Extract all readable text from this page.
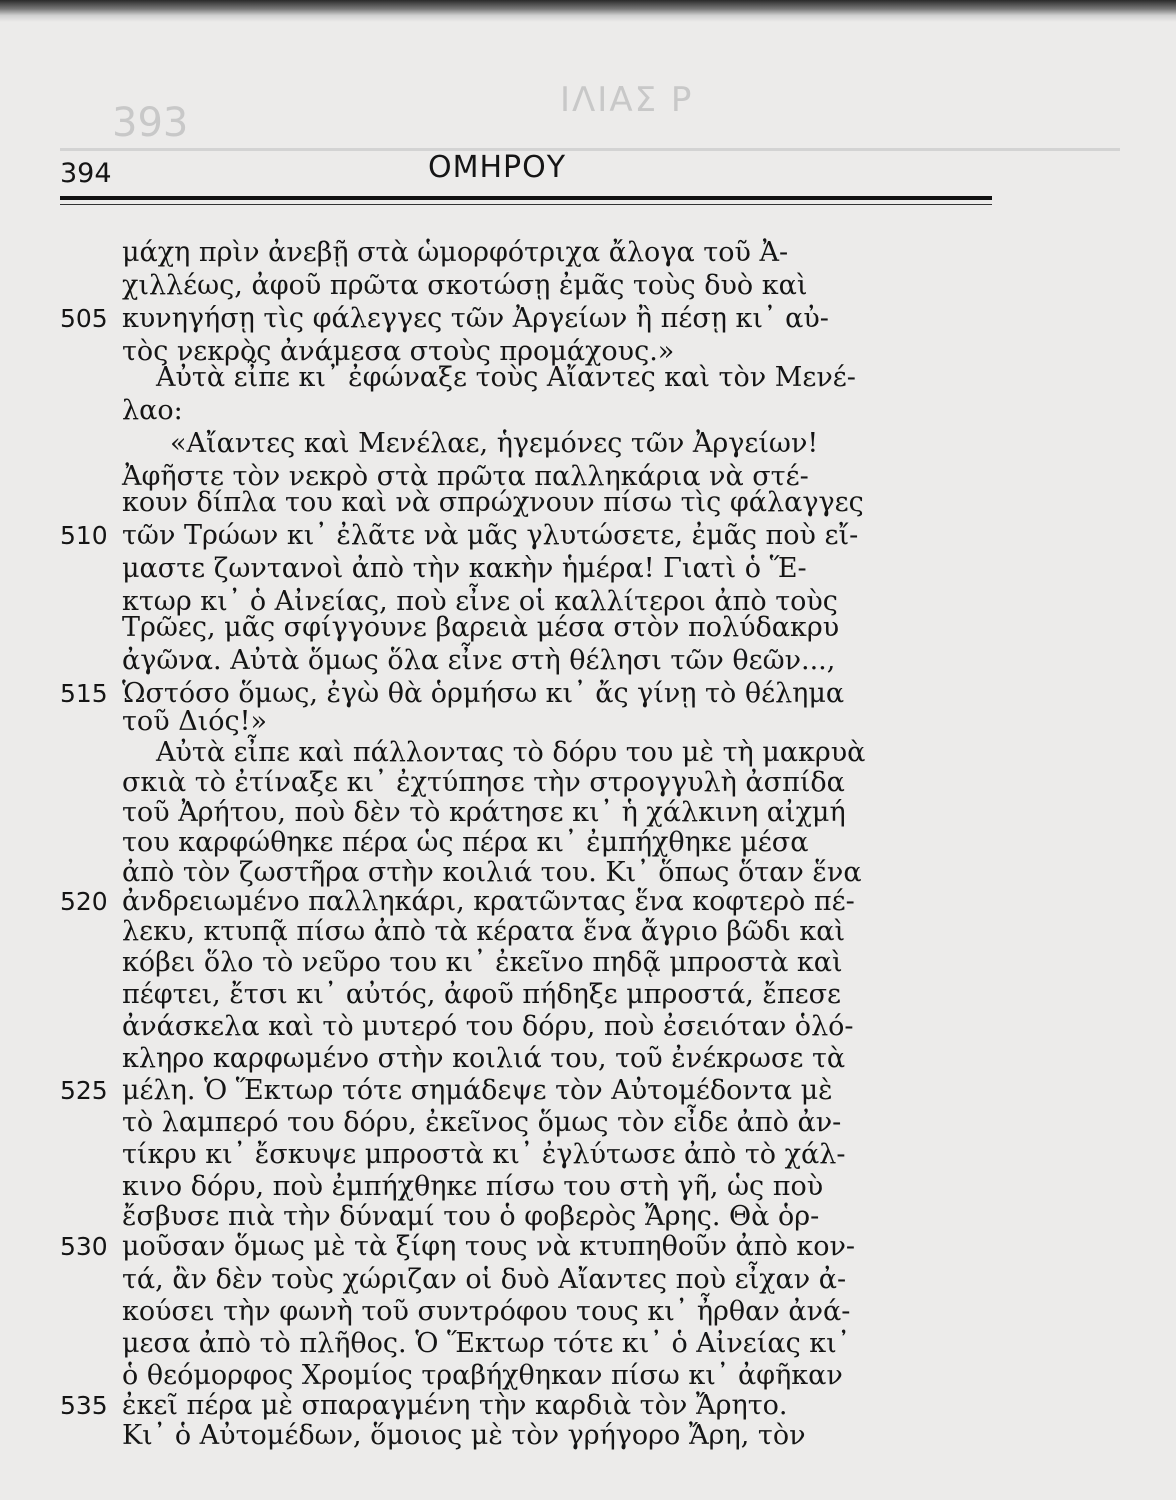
ΙΛΙΑΣ Ρ
393
394	ΟΜΗΡΟΥ
μάχη πρὶν ἀνεβῇ στὰ ὡμορφότριχα ἄλογα τοῦ Ἀ-
χιλλέως, ἀφοῦ πρῶτα σκοτώσῃ ἐμᾶς τοὺς δυὸ καὶ
505 κυνηγήσῃ τὶς φάλεγγες τῶν Ἀργείων ἢ πέσῃ κι᾽ αὐ-
τὸς νεκρὸς ἀνάμεσα στοὺς προμάχους.»
Αὐτὰ εἶπε κι᾽ ἐφώναξε τοὺς Αἴαντες καὶ τὸν Μενέ-
λαο:
«Αἴαντες καὶ Μενέλαε, ἡγεμόνες τῶν Ἀργείων!
Ἀφῆστε τὸν νεκρὸ στὰ πρῶτα παλληκάρια νὰ στέ-
κουν δίπλα του καὶ νὰ σπρώχνουν πίσω τὶς φάλαγγες
510 τῶν Τρώων κι᾽ ἐλᾶτε νὰ μᾶς γλυτώσετε, ἐμᾶς ποὺ εἴ-
μαστε ζωντανοὶ ἀπὸ τὴν κακὴν ἡμέρα! Γιατὶ ὁ Ἕ-
κτωρ κι᾽ ὁ Αἰνείας, ποὺ εἶνε οἱ καλλίτεροι ἀπὸ τοὺς
Τρῶες, μᾶς σφίγγουνε βαρειὰ μέσα στὸν πολύδακρυ
ἀγῶνα. Αὐτὰ ὅμως ὅλα εἶνε στὴ θέλησι τῶν θεῶν...,
515 Ὡστόσο ὅμως, ἐγὼ θὰ ὁρμήσω κι᾽ ἄς γίνῃ τὸ θέλημα
τοῦ Διός!»
Αὐτὰ εἶπε καὶ πάλλοντας τὸ δόρυ του μὲ τὴ μακρυὰ
σκιὰ τὸ ἐτίναξε κι᾽ ἐχτύπησε τὴν στρογγυλὴ ἀσπίδα
τοῦ Ἀρήτου, ποὺ δὲν τὸ κράτησε κι᾽ ἡ χάλκινη αἰχμή
του καρφώθηκε πέρα ὡς πέρα κι᾽ ἐμπήχθηκε μέσα
ἀπὸ τὸν ζωστῆρα στὴν κοιλιά του. Κι᾽ ὅπως ὅταν ἕνα
520 ἀνδρειωμένο παλληκάρι, κρατῶντας ἕνα κοφτερὸ πέ-
λεκυ, κτυπᾷ πίσω ἀπὸ τὰ κέρατα ἕνα ἄγριο βῶδι καὶ
κόβει ὅλο τὸ νεῦρο του κι᾽ ἐκεῖνο πηδᾷ μπροστὰ καὶ
πέφτει, ἔτσι κι᾽ αὐτός, ἀφοῦ πήδηξε μπροστά, ἔπεσε
ἀνάσκελα καὶ τὸ μυτερό του δόρυ, ποὺ ἐσειόταν ὁλό-
κληρο καρφωμένο στὴν κοιλιά του, τοῦ ἐνέκρωσε τὰ
525 μέλη. Ὁ Ἕκτωρ τότε σημάδεψε τὸν Αὐτομέδοντα μὲ
τὸ λαμπερό του δόρυ, ἐκεῖνος ὅμως τὸν εἶδε ἀπὸ ἀν-
τίκρυ κι᾽ ἔσκυψε μπροστὰ κι᾽ ἐγλύτωσε ἀπὸ τὸ χάλ-
κινο δόρυ, ποὺ ἐμπήχθηκε πίσω του στὴ γῆ, ὡς ποὺ
ἔσβυσε πιὰ τὴν δύναμί του ὁ φοβερὸς Ἄρης. Θὰ ὁρ-
530 μοῦσαν ὅμως μὲ τὰ ξίφη τους νὰ κτυπηθοῦν ἀπὸ κον-
τά, ἂν δὲν τοὺς χώριζαν οἱ δυὸ Αἴαντες ποὺ εἶχαν ἀ-
κούσει τὴν φωνὴ τοῦ συντρόφου τους κι᾽ ἦρθαν ἀνά-
μεσα ἀπὸ τὸ πλῆθος. Ὁ Ἕκτωρ τότε κι᾽ ὁ Αἰνείας κι᾽
ὁ θεόμορφος Χρομίος τραβήχθηκαν πίσω κι᾽ ἀφῆκαν
535 ἐκεῖ πέρα μὲ σπαραγμένη τὴν καρδιὰ τὸν Ἄρητο.
Κι᾽ ὁ Αὐτομέδων, ὅμοιος μὲ τὸν γρήγορο Ἄρη, τὸν
